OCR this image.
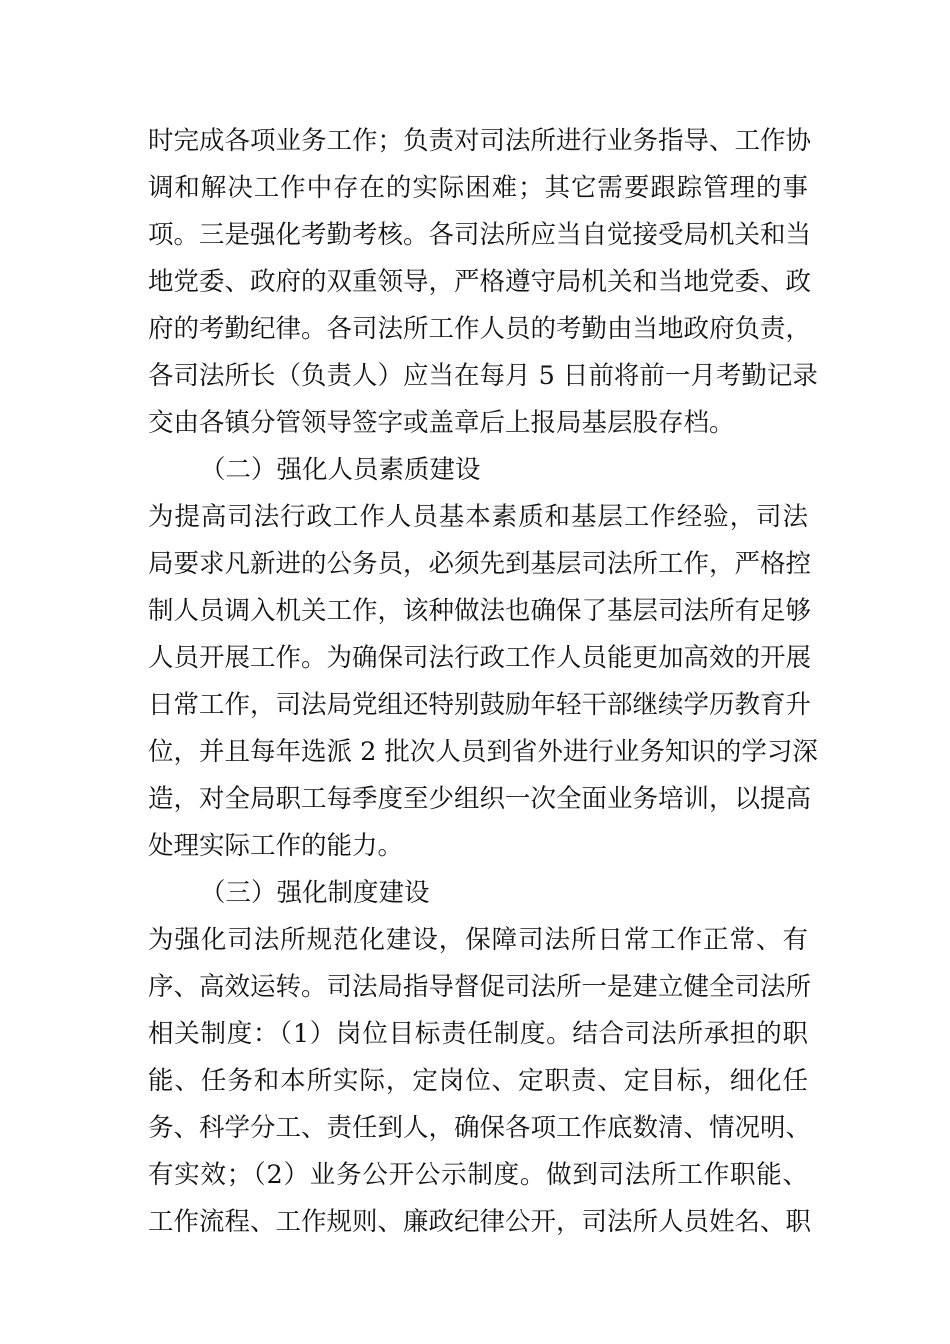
时完成各项业务工作；负责对司法所进行业务指导、工作协
调和解决工作中存在的实际困难；其它需要跟踪管理的事
项。三是强化考勤考核。各司法所应当自觉接受局机关和当
地党委、政府的双重领导，严格遵守局机关和当地党委、政
府的考勤纪律。各司法所工作人员的考勤由当地政府负责，
各司法所长（负责人）应当在每月 5 日前将前一月考勤记录
交由各镇分管领导签字或盖章后上报局基层股存档。
（二）强化人员素质建设
为提高司法行政工作人员基本素质和基层工作经验，司法
局要求凡新进的公务员，必须先到基层司法所工作，严格控
制人员调入机关工作，该种做法也确保了基层司法所有足够
人员开展工作。为确保司法行政工作人员能更加高效的开展
日常工作，司法局党组还特别鼓励年轻干部继续学历教育升
位，并且每年选派 2 批次人员到省外进行业务知识的学习深
造，对全局职工每季度至少组织一次全面业务培训，以提高
处理实际工作的能力。
（三）强化制度建设
为强化司法所规范化建设，保障司法所日常工作正常、有
序、高效运转。司法局指导督促司法所一是建立健全司法所
相关制度：（1）岗位目标责任制度。结合司法所承担的职
能、任务和本所实际，定岗位、定职责、定目标，细化任
务、科学分工、责任到人，确保各项工作底数清、情况明、
有实效；（2）业务公开公示制度。做到司法所工作职能、
工作流程、工作规则、廉政纪律公开，司法所人员姓名、职
